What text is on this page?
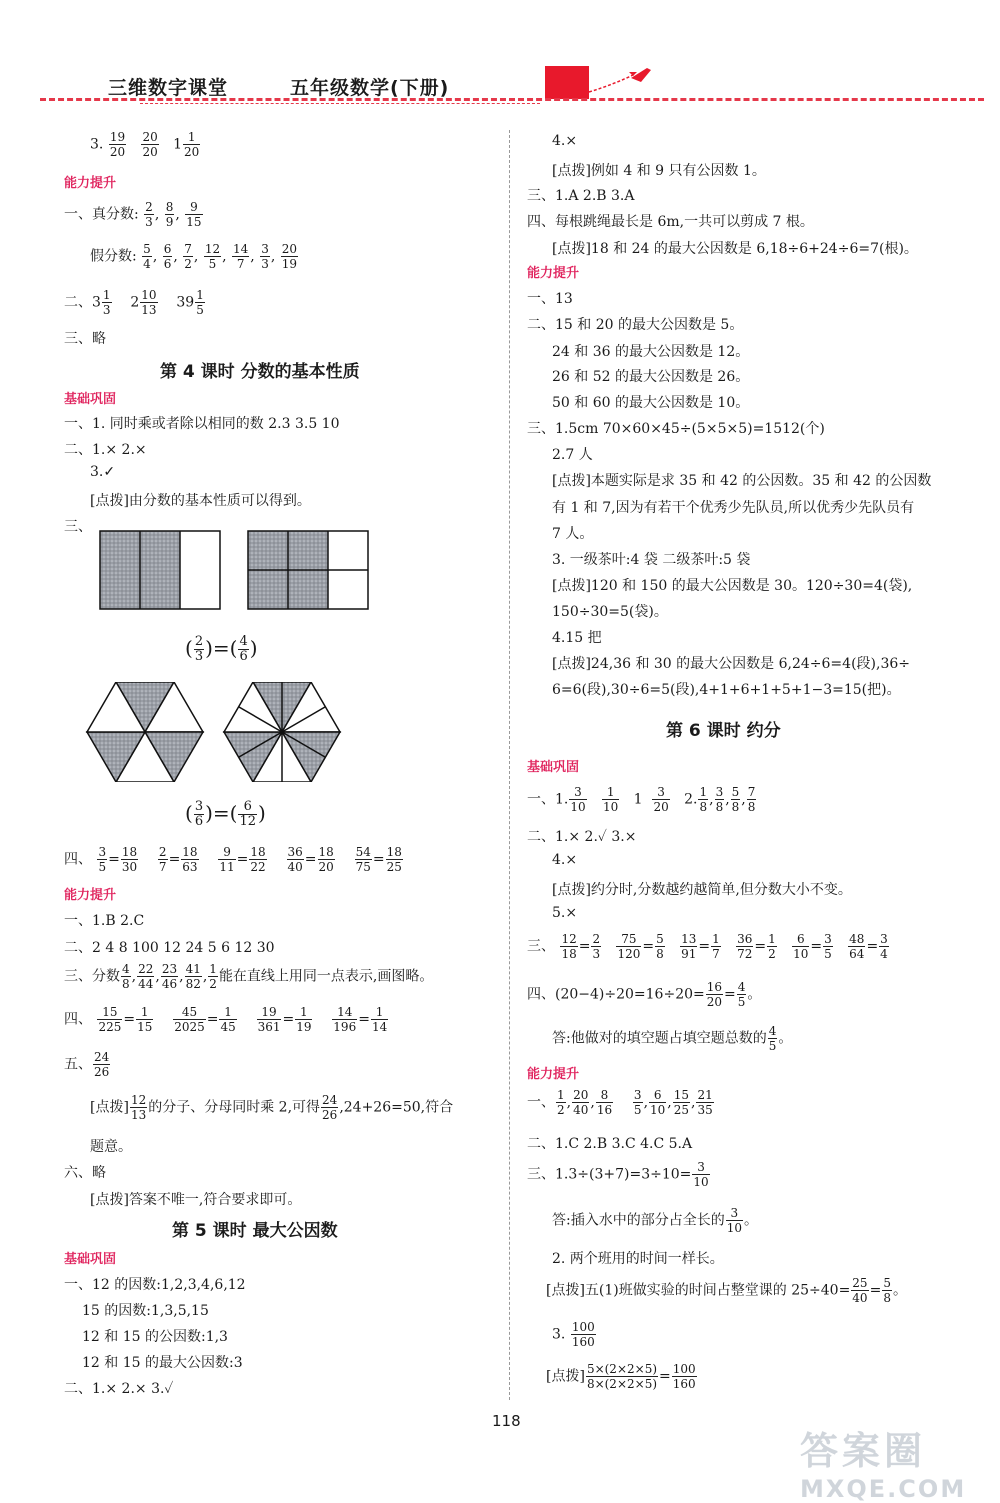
三维数字课堂	五年级数学(下册)
3. $\frac{19}{20}$
$\frac{20}{20} 1 \frac{1}{20}$
能力提升
一、真分数: $\frac{2}{3}$ , $\frac{8}{9}$ , $\frac{9}{15}$
假分数: $\frac{5}{4}$ , $\frac{6}{6}$ , $\frac{7}{2}$ , $\frac{12}{5}$ , $\frac{14}{7}$ , $\frac{3}{3}$ , $\frac{20}{19}$
二、$3 \frac{1}{3} 2 \frac{10}{13} 39 \frac{1}{5}$
三、略
第 4 课时 分数的基本性质
基础巩固
一、1. 同时乘或者除以相同的数 2.3 3.5 10
二、1.× 2.×
3.✓
[点拨]由分数的基本性质可以得到。
三、
( $\frac{2}{3}$ )=( $\frac{4}{6}$ )
( $\frac{3}{6}$ )=( $\frac{6}{12}$ )
四、 $\frac{3}{5} = \frac{18}{30}$
$\frac{2}{7} = \frac{18}{63}$
$\frac{9}{11} = \frac{18}{22}$
$\frac{36}{40} = \frac{18}{20}$
$\frac{54}{75} = \frac{18}{25}$
能力提升
一、1.B 2.C
二、2 4 8 100 12 24 5 6 12 30
三、分数 $\frac{4}{8}$ , $\frac{22}{44}$ , $\frac{23}{46}$ , $\frac{41}{82}$ , $\frac{1}{2}$ 能在直线上用同一点表示,画图略。
四、 $\frac{15}{225} = \frac{1}{15}$
$\frac{45}{2025} = \frac{1}{45}$
$\frac{19}{361} = \frac{1}{19}$
$\frac{14}{196} = \frac{1}{14}$
五、 $\frac{24}{26}$
[点拨] $\frac{12}{13}$ 的分子、分母同时乘 2,可得 $\frac{24}{26} ,24+26=50$,符合
题意。
六、略
[点拨]答案不唯一,符合要求即可。
第 5 课时 最大公因数
基础巩固
一、12 的因数:1,2,3,4,6,12
15 的因数:1,3,5,15
12 和 15 的公因数:1,3
12 和 15 的最大公因数:3
二、1.× 2.× 3.✓
4.×
[点拨]例如 4 和 9 只有公因数 1。
三、1.A 2.B 3.A
四、每根跳绳最长是 6m,一共可以剪成 7 根。
[点拨]18 和 24 的最大公因数是 6,18÷6+24÷6=7(根)。
能力提升
一、13
二、15 和 20 的最大公因数是 5。
24 和 36 的最大公因数是 12。
26 和 52 的最大公因数是 26。
50 和 60 的最大公因数是 10。
三、1.5cm 70×60×45÷(5×5×5)=1512(个)
2.7 人
[点拨]本题实际是求 35 和 42 的公因数。35 和 42 的公因数
有 1 和 7,因为有若干个优秀少先队员,所以优秀少先队员有
7 人。
3. 一级茶叶:4 袋 二级茶叶:5 袋
[点拨]120 和 150 的最大公因数是 30。120÷30=4(袋),
150÷30=5(袋)。
4.15 把
[点拨]24,36 和 30 的最大公因数是 6,24÷6=4(段),36÷
6=6(段),30÷6=5(段),4+1+6+1+5+1−3=15(把)。
第 6 课时 约分
基础巩固
一、1. $\frac{3}{10}$
$\frac{1}{10} 1 \frac{3}{20} 2$. $\frac{1}{8}$ , $\frac{3}{8}$ , $\frac{5}{8}$ , $\frac{7}{8}$
二、1.× 2.✓ 3.×
4.×
[点拨]约分时,分数越约越简单,但分数大小不变。
5.×
三、 $\frac{12}{18} = \frac{2}{3}$
$\frac{75}{120} = \frac{5}{8}$
$\frac{13}{91} = \frac{1}{7}$
$\frac{36}{72} = \frac{1}{2}$
$\frac{6}{10} = \frac{3}{5}$
$\frac{48}{64} = \frac{3}{4}$
四、$(20-4)\div 20=16\div 20= \frac{16}{20} = \frac{4}{5}$ 。
答:他做对的填空题占填空题总数的 $\frac{4}{5}$ 。
能力提升
一、 $\frac{1}{2}$ , $\frac{20}{40}$ , $\frac{8}{16}$
$\frac{3}{5}$ , $\frac{6}{10}$ , $\frac{15}{25}$ , $\frac{21}{35}$
二、1.C 2.B 3.C 4.C 5.A
三、$1.3\div(3+7)=3\div 10= \frac{3}{10}$
答:插入水中的部分占全长的 $\frac{3}{10}$ 。
2. 两个班用的时间一样长。
[点拨]五(1)班做实验的时间占整堂课的 $25\div 40= \frac{25}{40} = \frac{5}{8}$ 。
3. $\frac{100}{160}$
[点拨] $\frac{5\times(2\times 2\times 5)}{8\times(2\times 2\times 5)} = \frac{100}{160}$
118
答案圈
MXQE.COM
